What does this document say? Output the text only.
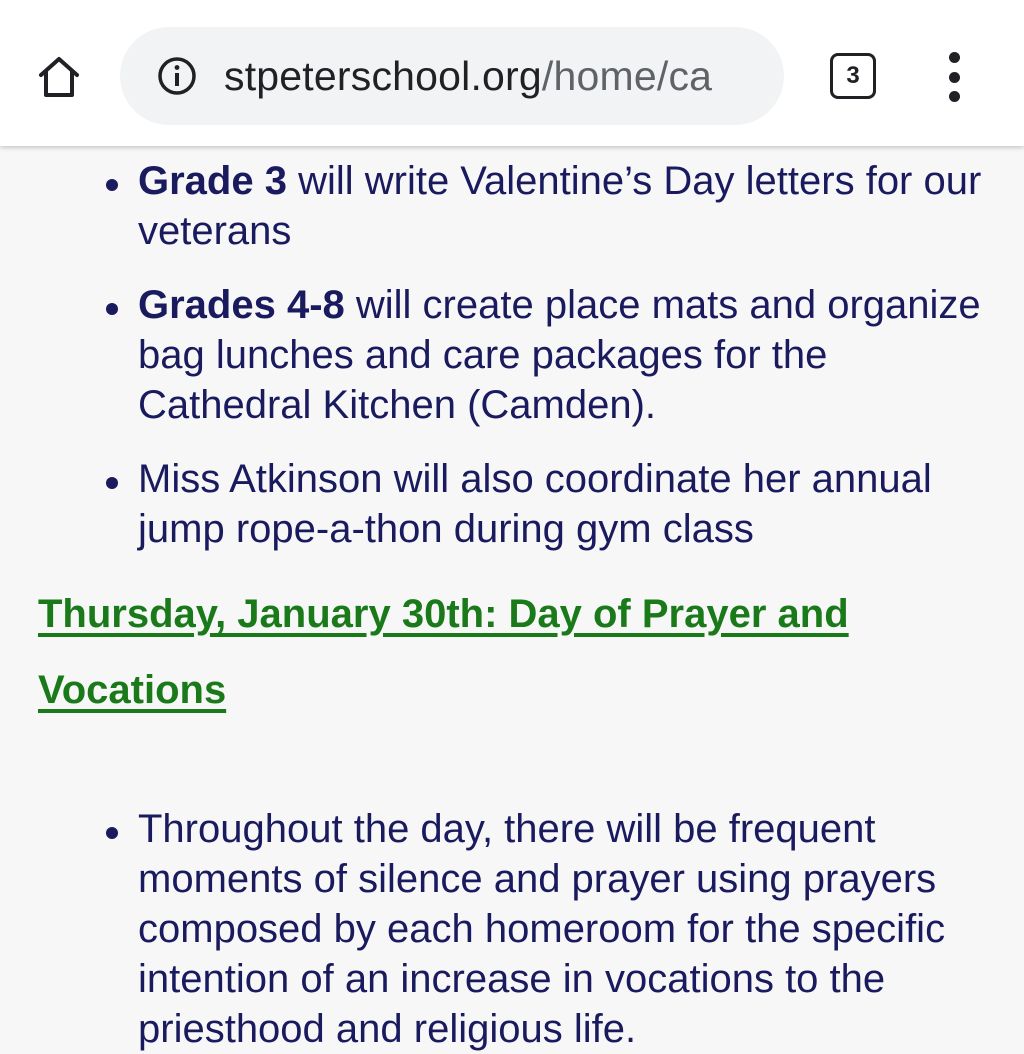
stpeterschool.org/home/ca	3
Grade 3 will write Valentine’s Day letters for our veterans
Grades 4-8 will create place mats and organize bag lunches and care packages for the Cathedral Kitchen (Camden).
Miss Atkinson will also coordinate her annual jump rope-a-thon during gym class
Thursday, January 30th: Day of Prayer and Vocations
Throughout the day, there will be frequent moments of silence and prayer using prayers composed by each homeroom for the specific intention of an increase in vocations to the priesthood and religious life.
